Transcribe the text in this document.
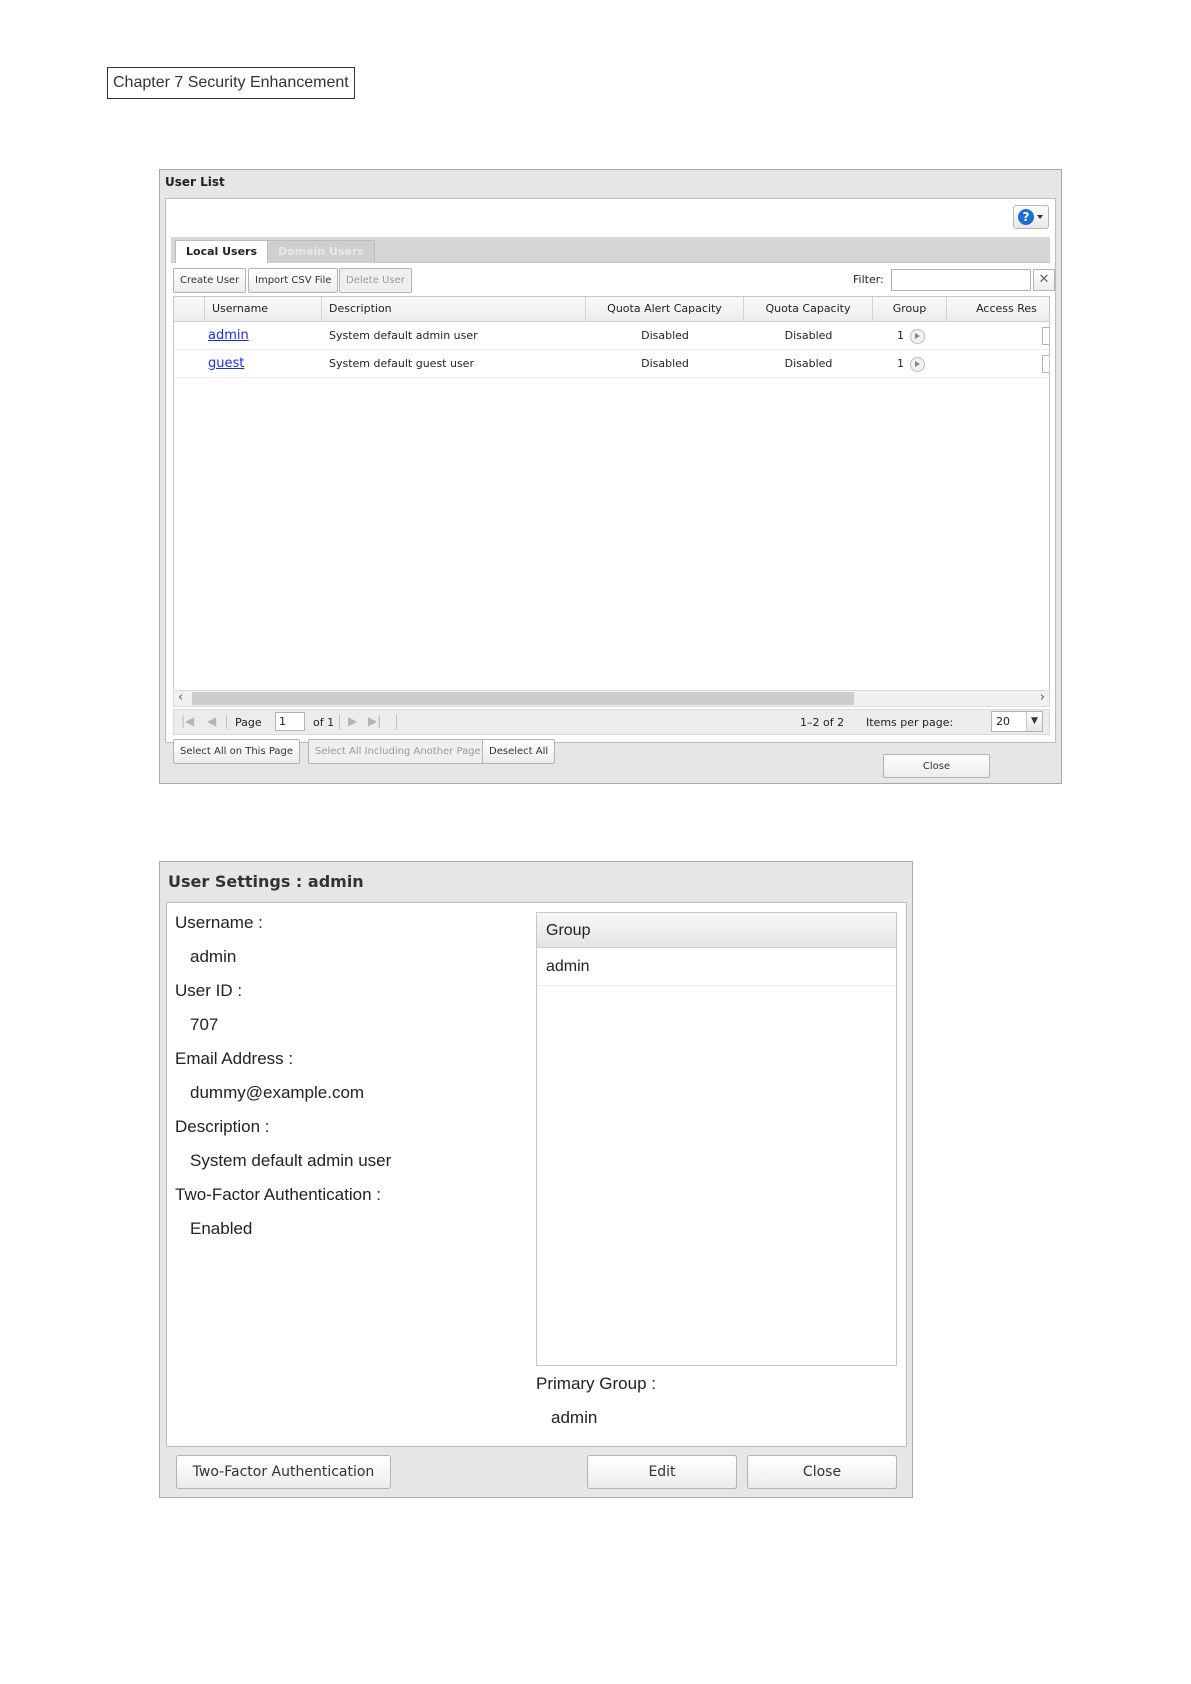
Chapter 7 Security Enhancement
User List
?
Local Users	Domain Users
Create User	Import CSV File	Delete User	Filter:	✕
Username	Description	Quota Alert Capacity	Quota Capacity	Group	Access Res
admin	System default admin user	Disabled	Disabled	1
guest	System default guest user	Disabled	Disabled	1
‹	›
|◀ ◀ Page	1	of 1 ▶ ▶|	1–2 of 2 Items per page:	20	▼
Select All on This Page	Select All Including Another Page Deselect All
Close
User Settings : admin
Username :
admin
User ID :
707
Email Address :
dummy@example.com
Description :
System default admin user
Two-Factor Authentication :
Enabled
Group
admin
Primary Group :
admin
Two-Factor Authentication	Edit	Close
